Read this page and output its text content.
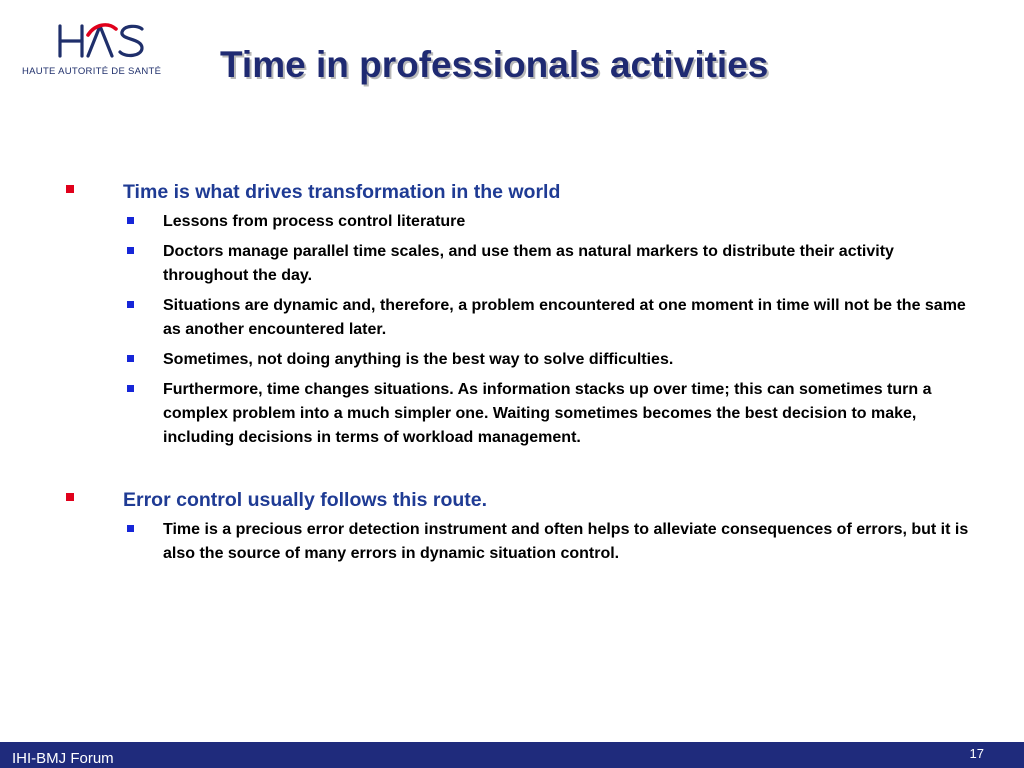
HAUTE AUTORITÉ DE SANTÉ	Time in professionals activities
Time is what drives transformation in the world
Lessons from process control literature
Doctors manage parallel time scales, and use them as natural markers to distribute their activity throughout the day.
Situations are dynamic and, therefore, a problem encountered at one moment in time will not be the same as another encountered later.
Sometimes, not doing anything is the best way to solve difficulties.
Furthermore, time changes situations. As information stacks up over time; this can sometimes turn a complex problem into a much simpler one. Waiting sometimes becomes the best decision to make, including decisions in terms of workload management.
Error control usually follows this route.
Time is a precious error detection instrument and often helps to alleviate consequences of errors, but it is also the source of many errors in dynamic situation control.
IHI-BMJ Forum	17
